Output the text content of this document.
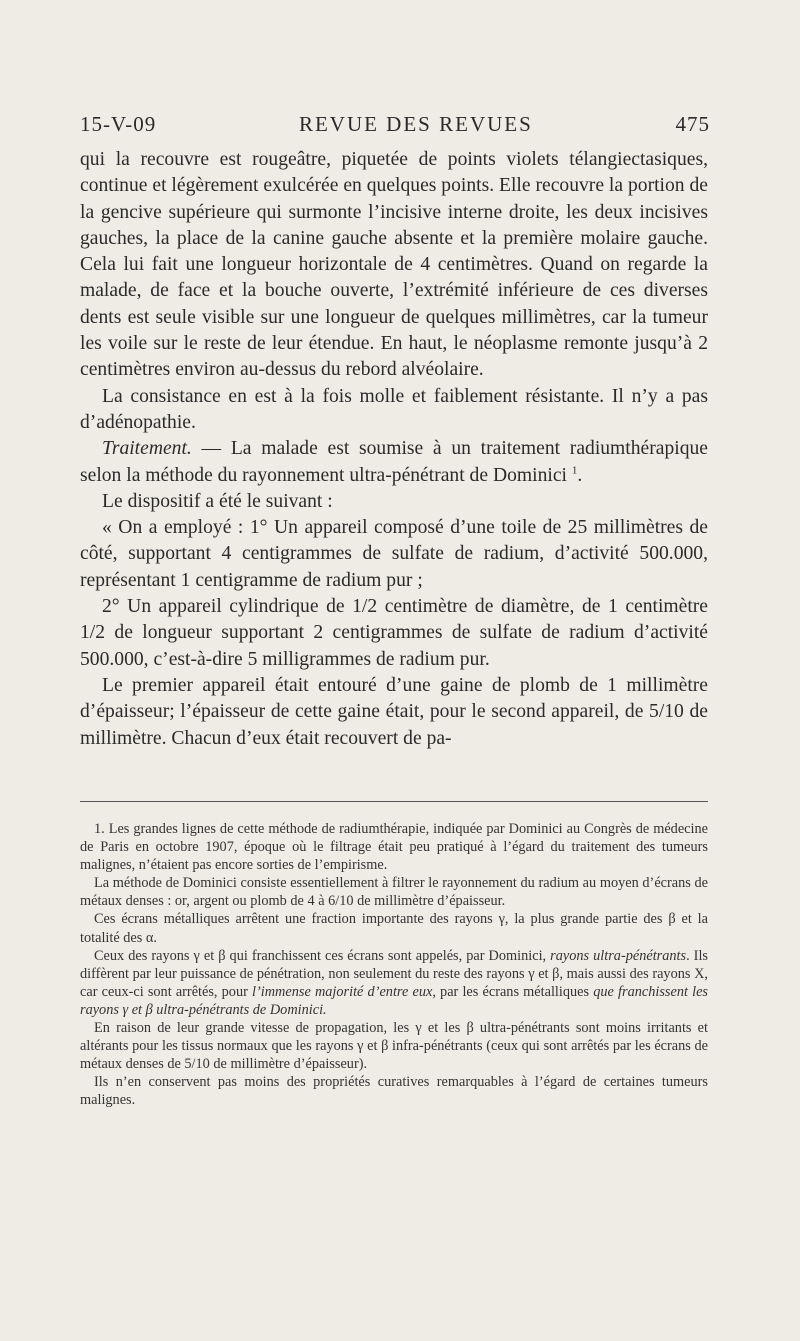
15-V-09	REVUE DES REVUES	475

qui la recouvre est rougeâtre, piquetée de points violets télangiectasiques, continue et légèrement exulcérée en quelques points. Elle recouvre la portion de la gencive supérieure qui surmonte l’incisive interne droite, les deux incisives gauches, la place de la canine gauche absente et la première molaire gauche. Cela lui fait une longueur horizontale de 4 centimètres. Quand on regarde la malade, de face et la bouche ouverte, l’extrémité inférieure de ces diverses dents est seule visible sur une longueur de quelques millimètres, car la tumeur les voile sur le reste de leur étendue. En haut, le néoplasme remonte jusqu’à 2 centimètres environ au-dessus du rebord alvéolaire.

La consistance en est à la fois molle et faiblement résistante. Il n’y a pas d’adénopathie.

Traitement. — La malade est soumise à un traitement radiumthérapique selon la méthode du rayonnement ultra-pénétrant de Dominici $^1$.

Le dispositif a été le suivant :

« On a employé : 1° Un appareil composé d’une toile de 25 millimètres de côté, supportant 4 centigrammes de sulfate de radium, d’activité 500.000, représentant 1 centigramme de radium pur ;

2° Un appareil cylindrique de 1/2 centimètre de diamètre, de 1 centimètre 1/2 de longueur supportant 2 centigrammes de sulfate de radium d’activité 500.000, c’est-à-dire 5 milligrammes de radium pur.

Le premier appareil était entouré d’une gaine de plomb de 1 millimètre d’épaisseur; l’épaisseur de cette gaine était, pour le second appareil, de 5/10 de millimètre. Chacun d’eux était recouvert de pa-

1. Les grandes lignes de cette méthode de radiumthérapie, indiquée par Dominici au Congrès de médecine de Paris en octobre 1907, époque où le filtrage était peu pratiqué à l’égard du traitement des tumeurs malignes, n’étaient pas encore sorties de l’empirisme.

La méthode de Dominici consiste essentiellement à filtrer le rayonnement du radium au moyen d’écrans de métaux denses : or, argent ou plomb de 4 à 6/10 de millimètre d’épaisseur.

Ces écrans métalliques arrêtent une fraction importante des rayons γ, la plus grande partie des β et la totalité des α.

Ceux des rayons γ et β qui franchissent ces écrans sont appelés, par Dominici, rayons ultra-pénétrants. Ils diffèrent par leur puissance de pénétration, non seulement du reste des rayons γ et β, mais aussi des rayons X, car ceux-ci sont arrêtés, pour l’immense majorité d’entre eux, par les écrans métalliques que franchissent les rayons γ et β ultra-pénétrants de Dominici.

En raison de leur grande vitesse de propagation, les γ et les β ultra-pénétrants sont moins irritants et altérants pour les tissus normaux que les rayons γ et β infra-pénétrants (ceux qui sont arrêtés par les écrans de métaux denses de 5/10 de millimètre d’épaisseur).

Ils n’en conservent pas moins des propriétés curatives remarquables à l’égard de certaines tumeurs malignes.
